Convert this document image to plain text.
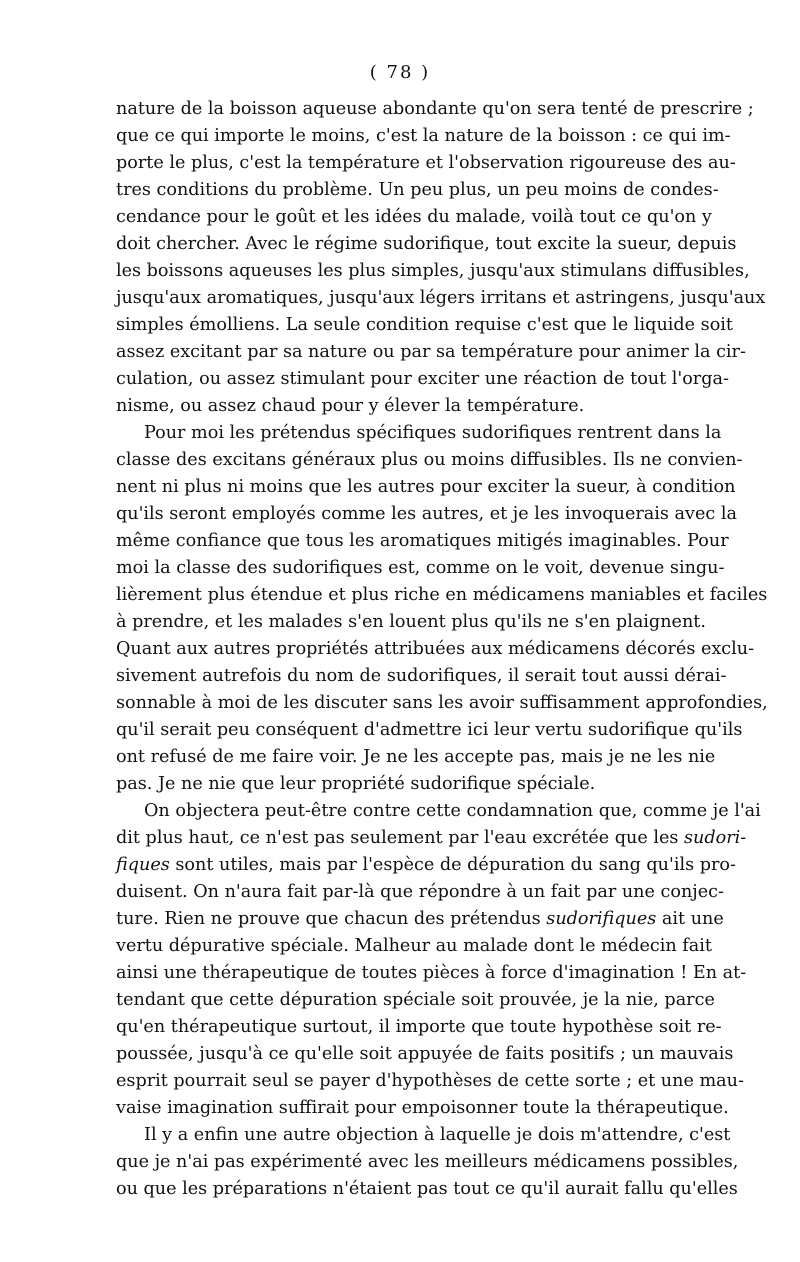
( 78 )
nature de la boisson aqueuse abondante qu'on sera tenté de prescrire ;
que ce qui importe le moins, c'est la nature de la boisson : ce qui im-
porte le plus, c'est la température et l'observation rigoureuse des au-
tres conditions du problème. Un peu plus, un peu moins de condes-
cendance pour le goût et les idées du malade, voilà tout ce qu'on y
doit chercher. Avec le régime sudorifique, tout excite la sueur, depuis
les boissons aqueuses les plus simples, jusqu'aux stimulans diffusibles,
jusqu'aux aromatiques, jusqu'aux légers irritans et astringens, jusqu'aux
simples émolliens. La seule condition requise c'est que le liquide soit
assez excitant par sa nature ou par sa température pour animer la cir-
culation, ou assez stimulant pour exciter une réaction de tout l'orga-
nisme, ou assez chaud pour y élever la température.
Pour moi les prétendus spécifiques sudorifiques rentrent dans la
classe des excitans généraux plus ou moins diffusibles. Ils ne convien-
nent ni plus ni moins que les autres pour exciter la sueur, à condition
qu'ils seront employés comme les autres, et je les invoquerais avec la
même confiance que tous les aromatiques mitigés imaginables. Pour
moi la classe des sudorifiques est, comme on le voit, devenue singu-
lièrement plus étendue et plus riche en médicamens maniables et faciles
à prendre, et les malades s'en louent plus qu'ils ne s'en plaignent.
Quant aux autres propriétés attribuées aux médicamens décorés exclu-
sivement autrefois du nom de sudorifiques, il serait tout aussi dérai-
sonnable à moi de les discuter sans les avoir suffisamment approfondies,
qu'il serait peu conséquent d'admettre ici leur vertu sudorifique qu'ils
ont refusé de me faire voir. Je ne les accepte pas, mais je ne les nie
pas. Je ne nie que leur propriété sudorifique spéciale.
On objectera peut-être contre cette condamnation que, comme je l'ai
dit plus haut, ce n'est pas seulement par l'eau excrétée que les sudori-
fiques sont utiles, mais par l'espèce de dépuration du sang qu'ils pro-
duisent. On n'aura fait par-là que répondre à un fait par une conjec-
ture. Rien ne prouve que chacun des prétendus sudorifiques ait une
vertu dépurative spéciale. Malheur au malade dont le médecin fait
ainsi une thérapeutique de toutes pièces à force d'imagination ! En at-
tendant que cette dépuration spéciale soit prouvée, je la nie, parce
qu'en thérapeutique surtout, il importe que toute hypothèse soit re-
poussée, jusqu'à ce qu'elle soit appuyée de faits positifs ; un mauvais
esprit pourrait seul se payer d'hypothèses de cette sorte ; et une mau-
vaise imagination suffirait pour empoisonner toute la thérapeutique.
Il y a enfin une autre objection à laquelle je dois m'attendre, c'est
que je n'ai pas expérimenté avec les meilleurs médicamens possibles,
ou que les préparations n'étaient pas tout ce qu'il aurait fallu qu'elles
